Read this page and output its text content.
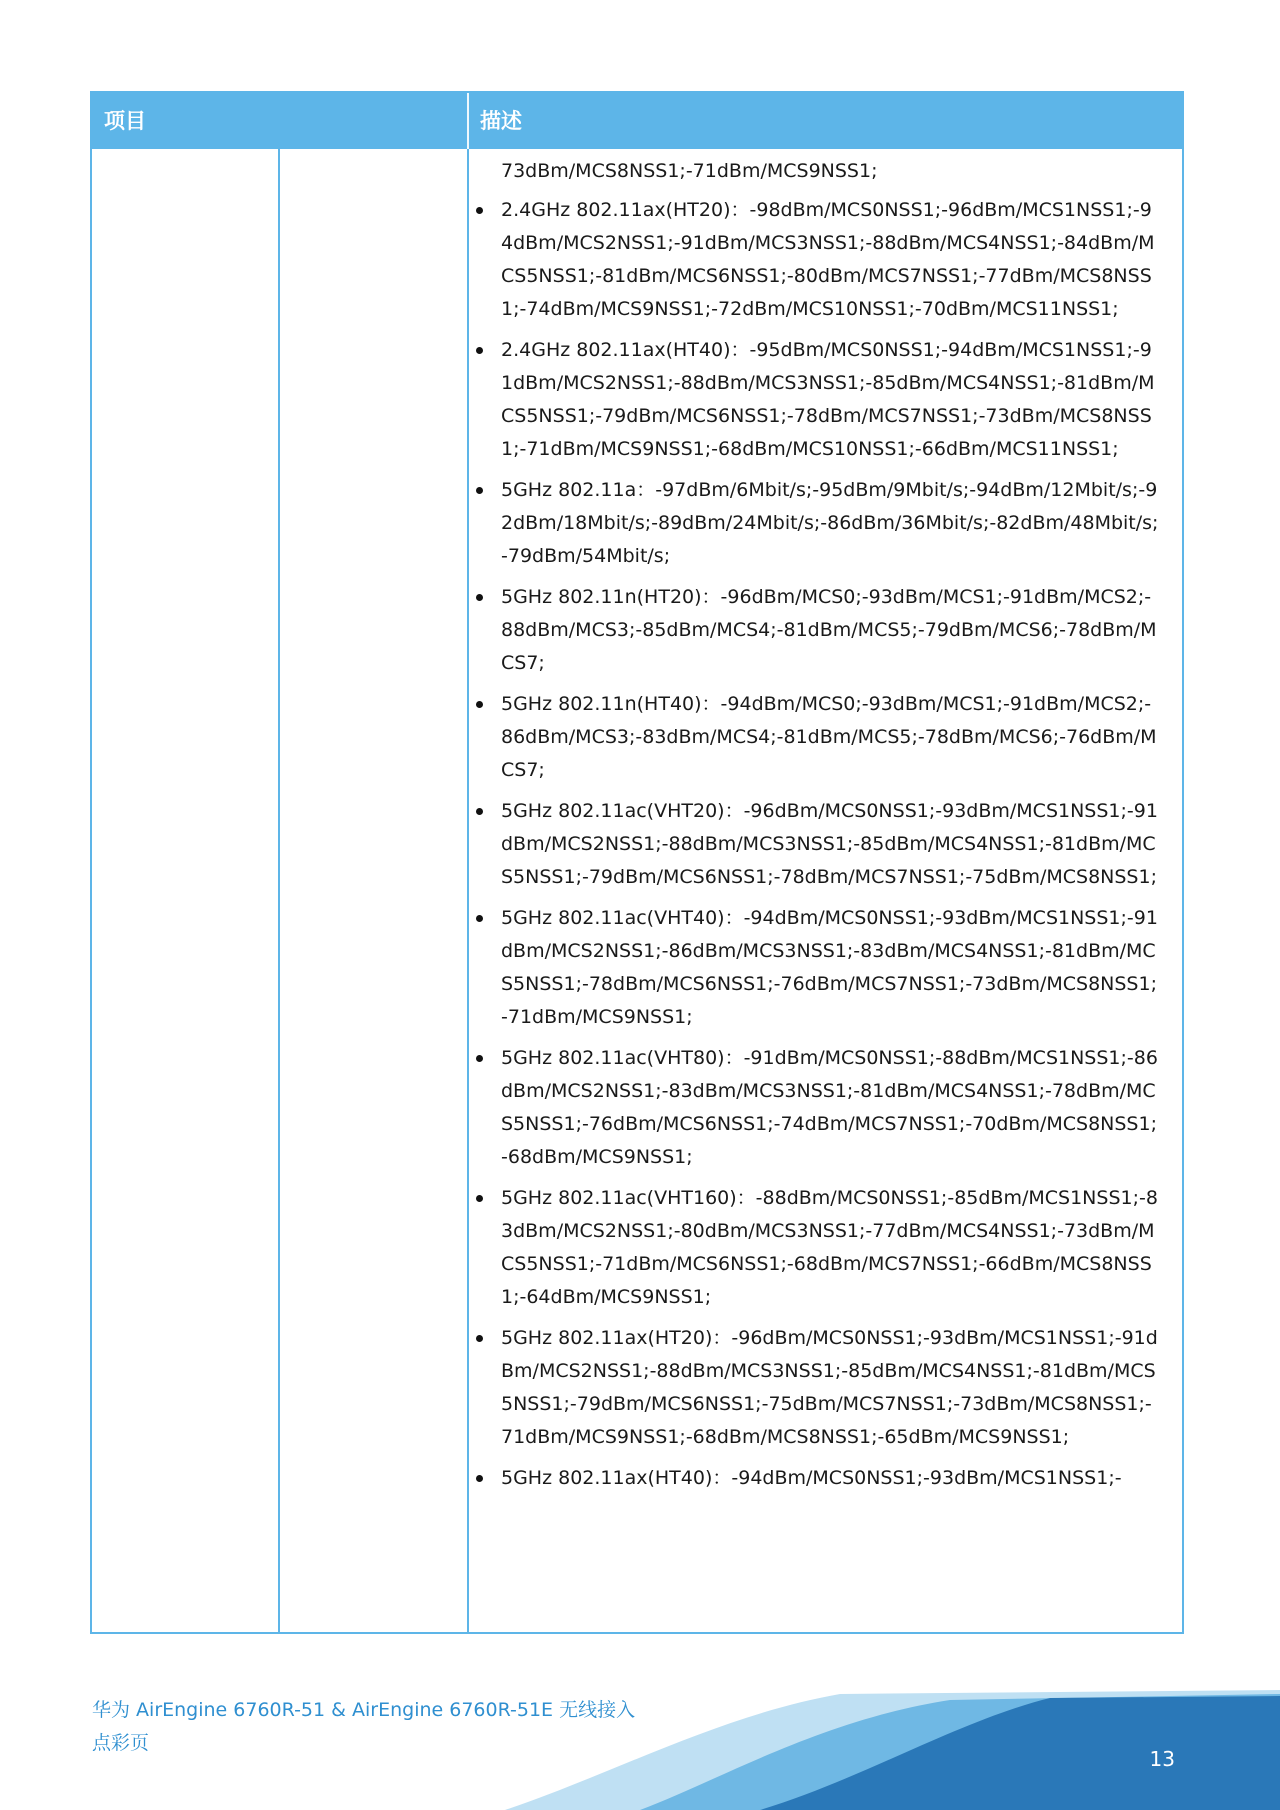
项目	描述
73dBm/MCS8NSS1;-71dBm/MCS9NSS1;
2.4GHz 802.11ax(HT20)：-98dBm/MCS0NSS1;-96dBm/MCS1NSS1;-94dBm/MCS2NSS1;-91dBm/MCS3NSS1;-88dBm/MCS4NSS1;-84dBm/MCS5NSS1;-81dBm/MCS6NSS1;-80dBm/MCS7NSS1;-77dBm/MCS8NSS1;-74dBm/MCS9NSS1;-72dBm/MCS10NSS1;-70dBm/MCS11NSS1;
2.4GHz 802.11ax(HT40)：-95dBm/MCS0NSS1;-94dBm/MCS1NSS1;-91dBm/MCS2NSS1;-88dBm/MCS3NSS1;-85dBm/MCS4NSS1;-81dBm/MCS5NSS1;-79dBm/MCS6NSS1;-78dBm/MCS7NSS1;-73dBm/MCS8NSS1;-71dBm/MCS9NSS1;-68dBm/MCS10NSS1;-66dBm/MCS11NSS1;
5GHz 802.11a：-97dBm/6Mbit/s;-95dBm/9Mbit/s;-94dBm/12Mbit/s;-92dBm/18Mbit/s;-89dBm/24Mbit/s;-86dBm/36Mbit/s;-82dBm/48Mbit/s;-79dBm/54Mbit/s;
5GHz 802.11n(HT20)：-96dBm/MCS0;-93dBm/MCS1;-91dBm/MCS2;-88dBm/MCS3;-85dBm/MCS4;-81dBm/MCS5;-79dBm/MCS6;-78dBm/MCS7;
5GHz 802.11n(HT40)：-94dBm/MCS0;-93dBm/MCS1;-91dBm/MCS2;-86dBm/MCS3;-83dBm/MCS4;-81dBm/MCS5;-78dBm/MCS6;-76dBm/MCS7;
5GHz 802.11ac(VHT20)：-96dBm/MCS0NSS1;-93dBm/MCS1NSS1;-91dBm/MCS2NSS1;-88dBm/MCS3NSS1;-85dBm/MCS4NSS1;-81dBm/MCS5NSS1;-79dBm/MCS6NSS1;-78dBm/MCS7NSS1;-75dBm/MCS8NSS1;
5GHz 802.11ac(VHT40)：-94dBm/MCS0NSS1;-93dBm/MCS1NSS1;-91dBm/MCS2NSS1;-86dBm/MCS3NSS1;-83dBm/MCS4NSS1;-81dBm/MCS5NSS1;-78dBm/MCS6NSS1;-76dBm/MCS7NSS1;-73dBm/MCS8NSS1;-71dBm/MCS9NSS1;
5GHz 802.11ac(VHT80)：-91dBm/MCS0NSS1;-88dBm/MCS1NSS1;-86dBm/MCS2NSS1;-83dBm/MCS3NSS1;-81dBm/MCS4NSS1;-78dBm/MCS5NSS1;-76dBm/MCS6NSS1;-74dBm/MCS7NSS1;-70dBm/MCS8NSS1;-68dBm/MCS9NSS1;
5GHz 802.11ac(VHT160)：-88dBm/MCS0NSS1;-85dBm/MCS1NSS1;-83dBm/MCS2NSS1;-80dBm/MCS3NSS1;-77dBm/MCS4NSS1;-73dBm/MCS5NSS1;-71dBm/MCS6NSS1;-68dBm/MCS7NSS1;-66dBm/MCS8NSS1;-64dBm/MCS9NSS1;
5GHz 802.11ax(HT20)：-96dBm/MCS0NSS1;-93dBm/MCS1NSS1;-91dBm/MCS2NSS1;-88dBm/MCS3NSS1;-85dBm/MCS4NSS1;-81dBm/MCS5NSS1;-79dBm/MCS6NSS1;-75dBm/MCS7NSS1;-73dBm/MCS8NSS1;-71dBm/MCS9NSS1;-68dBm/MCS8NSS1;-65dBm/MCS9NSS1;
5GHz 802.11ax(HT40)：-94dBm/MCS0NSS1;-93dBm/MCS1NSS1;-
华为 AirEngine 6760R-51 & AirEngine 6760R-51E 无线接入点彩页
13
